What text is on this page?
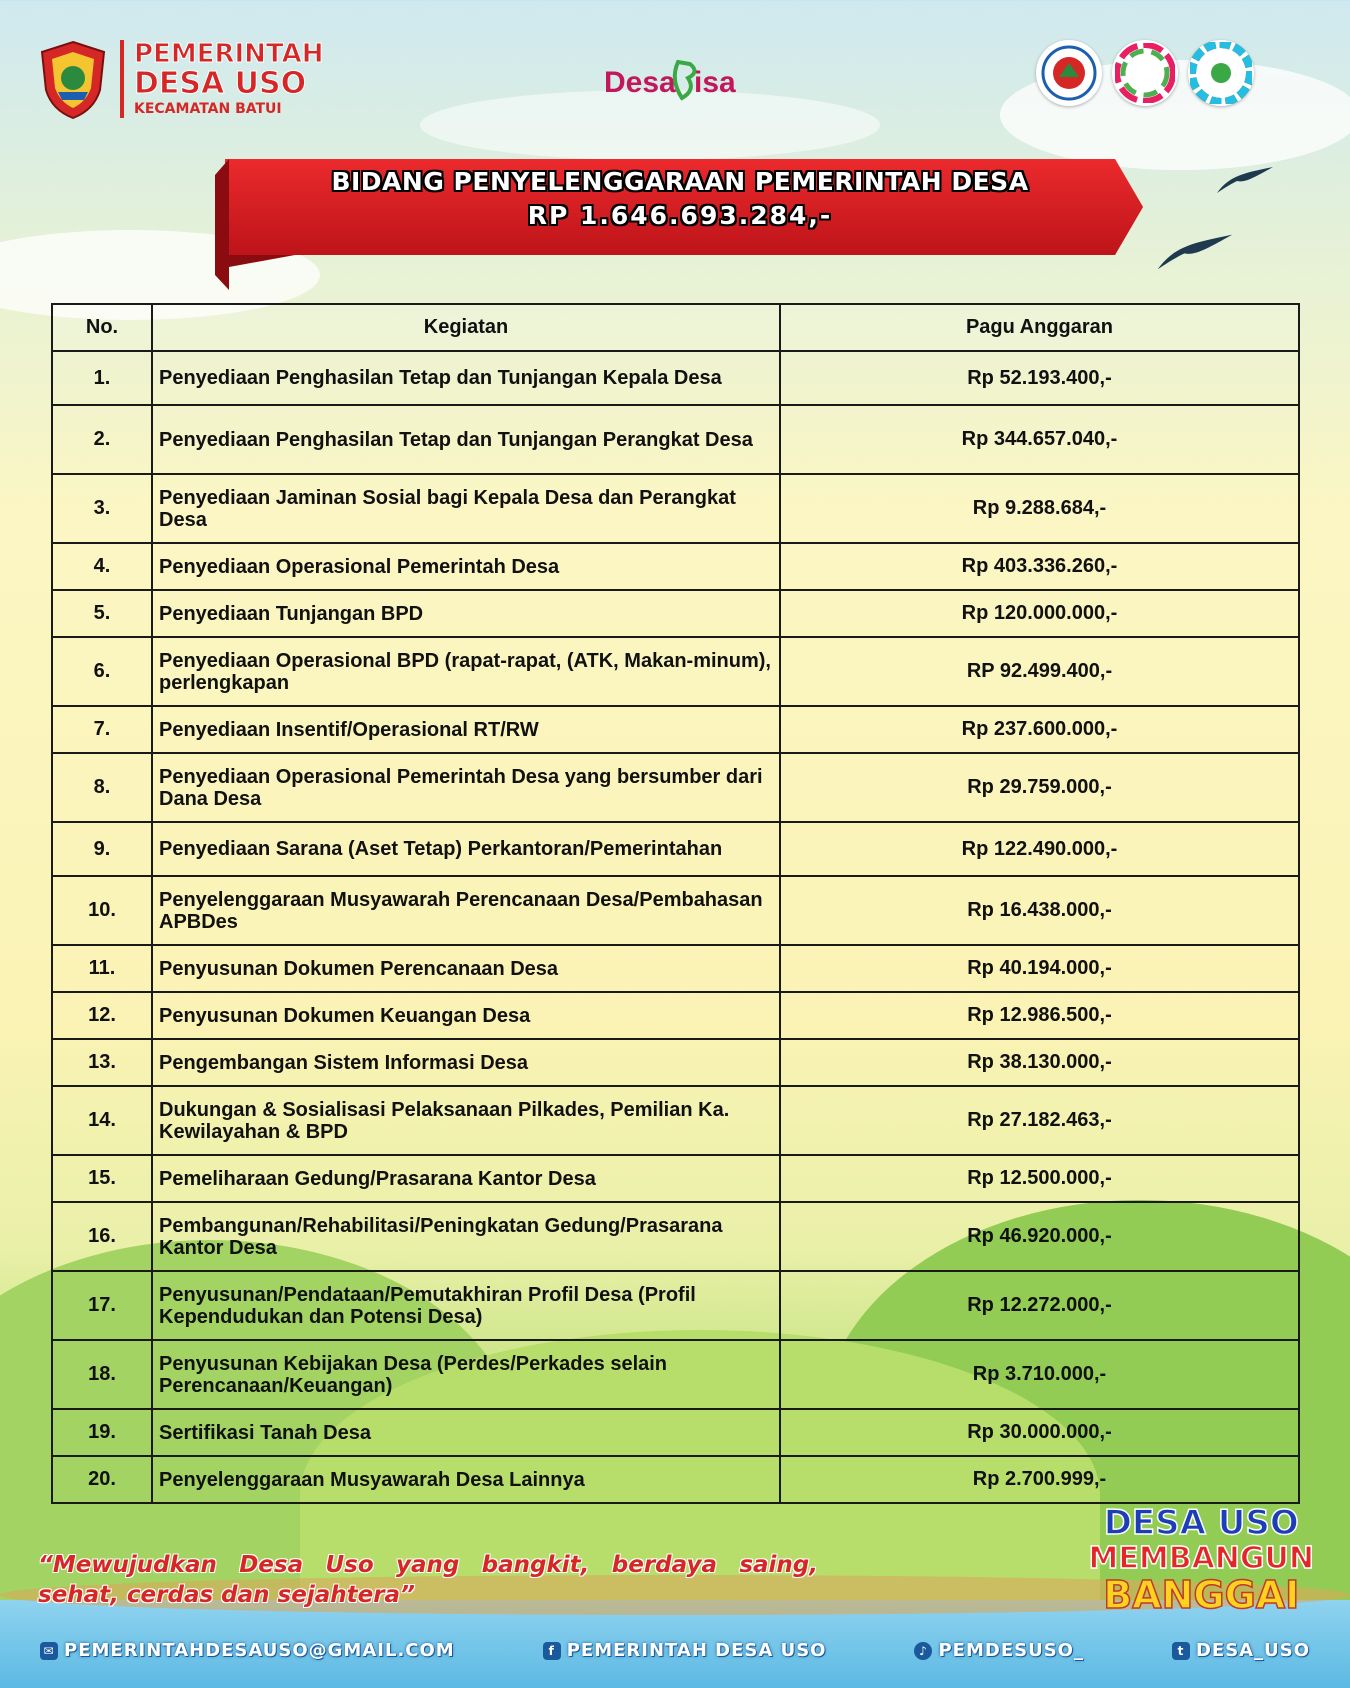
PEMERINTAH
DESA USO
KECAMATAN BATUI
Desa isa
BIDANG PENYELENGGARAAN PEMERINTAH DESA
RP 1.646.693.284,-
No.	Kegiatan	Pagu Anggaran
1.	Penyediaan Penghasilan Tetap dan Tunjangan Kepala Desa	Rp 52.193.400,-
2.	Penyediaan Penghasilan Tetap dan Tunjangan Perangkat Desa	Rp 344.657.040,-
3.	Penyediaan Jaminan Sosial bagi Kepala Desa dan Perangkat Desa	Rp 9.288.684,-
4.	Penyediaan Operasional Pemerintah Desa	Rp 403.336.260,-
5.	Penyediaan Tunjangan BPD	Rp 120.000.000,-
6.	Penyediaan Operasional BPD (rapat-rapat, (ATK, Makan-minum), perlengkapan	RP 92.499.400,-
7.	Penyediaan Insentif/Operasional RT/RW	Rp 237.600.000,-
8.	Penyediaan Operasional Pemerintah Desa yang bersumber dari Dana Desa	Rp 29.759.000,-
9.	Penyediaan Sarana (Aset Tetap) Perkantoran/Pemerintahan	Rp 122.490.000,-
10.	Penyelenggaraan Musyawarah Perencanaan Desa/Pembahasan APBDes	Rp 16.438.000,-
11.	Penyusunan Dokumen Perencanaan Desa	Rp 40.194.000,-
12.	Penyusunan Dokumen Keuangan Desa	Rp 12.986.500,-
13.	Pengembangan Sistem Informasi Desa	Rp 38.130.000,-
14.	Dukungan & Sosialisasi Pelaksanaan Pilkades, Pemilian Ka. Kewilayahan & BPD	Rp 27.182.463,-
15.	Pemeliharaan Gedung/Prasarana Kantor Desa	Rp 12.500.000,-
16.	Pembangunan/Rehabilitasi/Peningkatan Gedung/Prasarana Kantor Desa	Rp 46.920.000,-
17.	Penyusunan/Pendataan/Pemutakhiran Profil Desa (Profil Kependudukan dan Potensi Desa)	Rp 12.272.000,-
18.	Penyusunan Kebijakan Desa (Perdes/Perkades selain Perencanaan/Keuangan)	Rp 3.710.000,-
19.	Sertifikasi Tanah Desa	Rp 30.000.000,-
20.	Penyelenggaraan Musyawarah Desa Lainnya	Rp 2.700.999,-
“Mewujudkan Desa Uso yang bangkit, berdaya saing,
sehat, cerdas dan sejahtera”
DESA USO
MEMBANGUN
BANGGAI
✉ PEMERINTAHDESAUSO@GMAIL.COM	f PEMERINTAH DESA USO	♪ PEMDESUSO_	t DESA_USO
